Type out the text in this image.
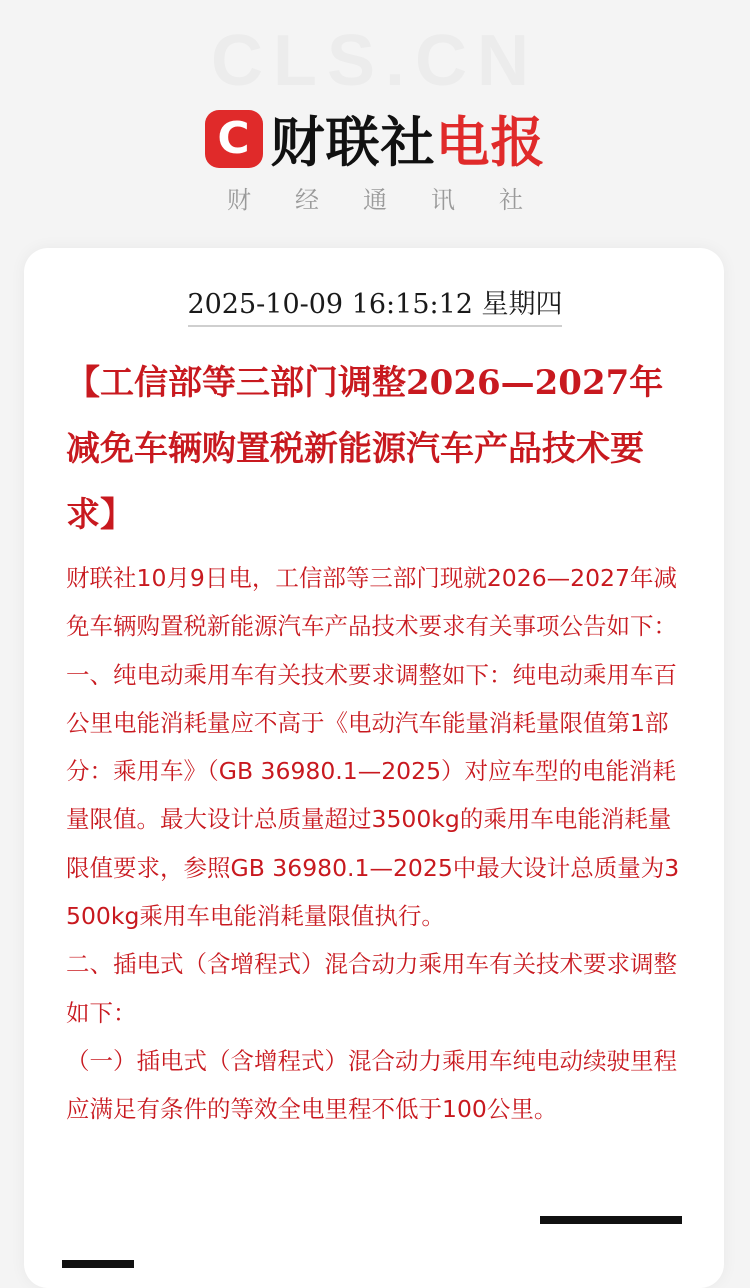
CLS.CN
C 财联社 电报
财经通讯社
2025-10-09 16:15:12 星期四
【工信部等三部门调整2026—2027年减免车辆购置税新能源汽车产品技术要求】

财联社10月9日电，工信部等三部门现就2026—2027年减免车辆购置税新能源汽车产品技术要求有关事项公告如下：

一、纯电动乘用车有关技术要求调整如下：纯电动乘用车百公里电能消耗量应不高于《电动汽车能量消耗量限值第1部分：乘用车》（GB 36980.1—2025）对应车型的电能消耗量限值。最大设计总质量超过3500kg的乘用车电能消耗量限值要求，参照GB 36980.1—2025中最大设计总质量为3500kg乘用车电能消耗量限值执行。

二、插电式（含增程式）混合动力乘用车有关技术要求调整如下：

（一）插电式（含增程式）混合动力乘用车纯电动续驶里程应满足有条件的等效全电里程不低于100公里。
